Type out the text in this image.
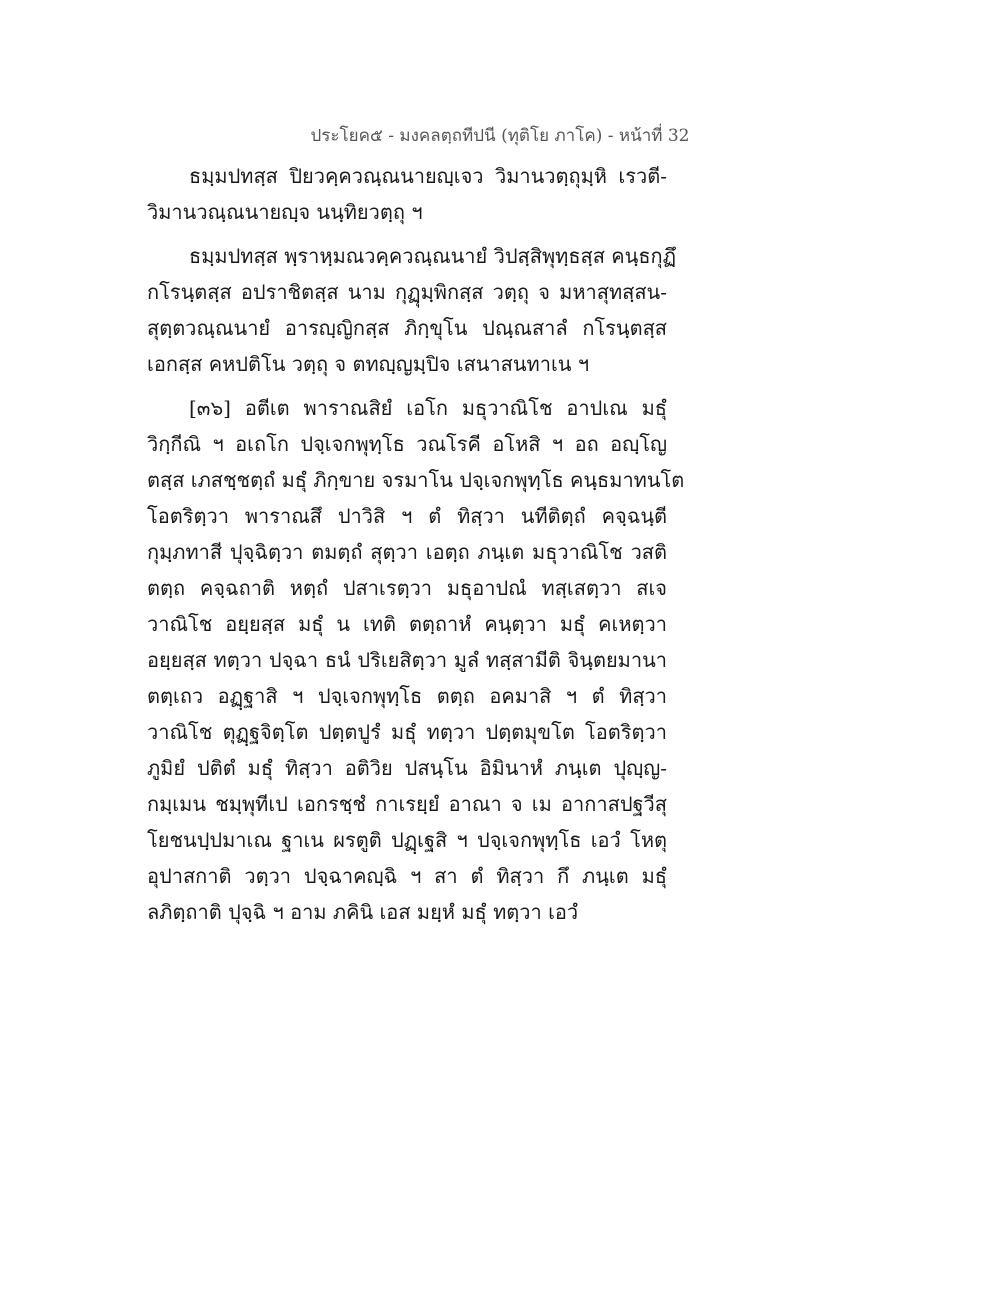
ประโยค๕ - มงคลตฺถทีปนี (ทุติโย ภาโค) - หน้าที่ 32
ธมฺมปทสฺส ปิยวคฺควณฺณนายญฺเจว วิมานวตฺถุมฺหิ เรวตี-
วิมานวณฺณนายญฺจ นนฺทิยวตฺถุ ฯ
ธมฺมปทสฺส พฺราหฺมณวคฺควณฺณนายํ วิปสฺสิพุทฺธสฺส คนฺธกุฏึ
กโรนฺตสฺส อปราชิตสฺส นาม กุฏุมฺพิกสฺส วตฺถุ จ มหาสุทสฺสน-
สุตฺตวณฺณนายํ อารญฺญิกสฺส ภิกฺขุโน ปณฺณสาลํ กโรนฺตสฺส
เอกสฺส คหปติโน วตฺถุ จ ตทญฺญมฺปิจ เสนาสนทาเน ฯ
[๓๖] อตีเต พาราณสิยํ เอโก มธุวาณิโช อาปเณ มธุํ
วิกฺกีณิ ฯ อเถโก ปจฺเจกพุทฺโธ วณโรคี อโหสิ ฯ อถ อญฺโญ
ตสฺส เภสชฺชตฺถํ มธุํ ภิกฺขาย จรมาโน ปจฺเจกพุทฺโธ คนฺธมาทนโต
โอตริตฺวา พาราณสึ ปาวิสิ ฯ ตํ ทิสฺวา นทีติตฺถํ คจฺฉนฺตี
กุมฺภทาสี ปุจฺฉิตฺวา ตมตฺถํ สุตฺวา เอตฺถ ภนฺเต มธุวาณิโช วสติ
ตตฺถ คจฺฉถาติ หตฺถํ ปสาเรตฺวา มธุอาปณํ ทสฺเสตฺวา สเจ
วาณิโช อยฺยสฺส มธุํ น เทติ ตตฺถาหํ คนฺตฺวา มธุํ คเหตฺวา
อยฺยสฺส ทตฺวา ปจฺฉา ธนํ ปริเยสิตฺวา มูลํ ทสฺสามีติ จินฺตยมานา
ตตฺเถว อฏฺฐาสิ ฯ ปจฺเจกพุทฺโธ ตตฺถ อคมาสิ ฯ ตํ ทิสฺวา
วาณิโช ตุฏฺฐจิตฺโต ปตฺตปูรํ มธุํ ทตฺวา ปตฺตมุขโต โอตริตฺวา
ภูมิยํ ปติตํ มธุํ ทิสฺวา อติวิย ปสนฺโน อิมินาหํ ภนฺเต ปุญฺญ-
กมฺเมน ชมฺพุทีเป เอกรชฺชํ กาเรยฺยํ อาณา จ เม อากาสปฐวีสุ
โยชนปฺปมาเณ ฐาเน ผรตูติ ปฏฺเฐสิ ฯ ปจฺเจกพุทฺโธ เอวํ โหตุ
อุปาสกาติ วตฺวา ปจฺฉาคญฺฉิ ฯ สา ตํ ทิสฺวา กึ ภนฺเต มธุํ
ลภิตฺถาติ ปุจฺฉิ ฯ อาม ภคินิ เอส มยฺหํ มธุํ ทตฺวา เอวํ
